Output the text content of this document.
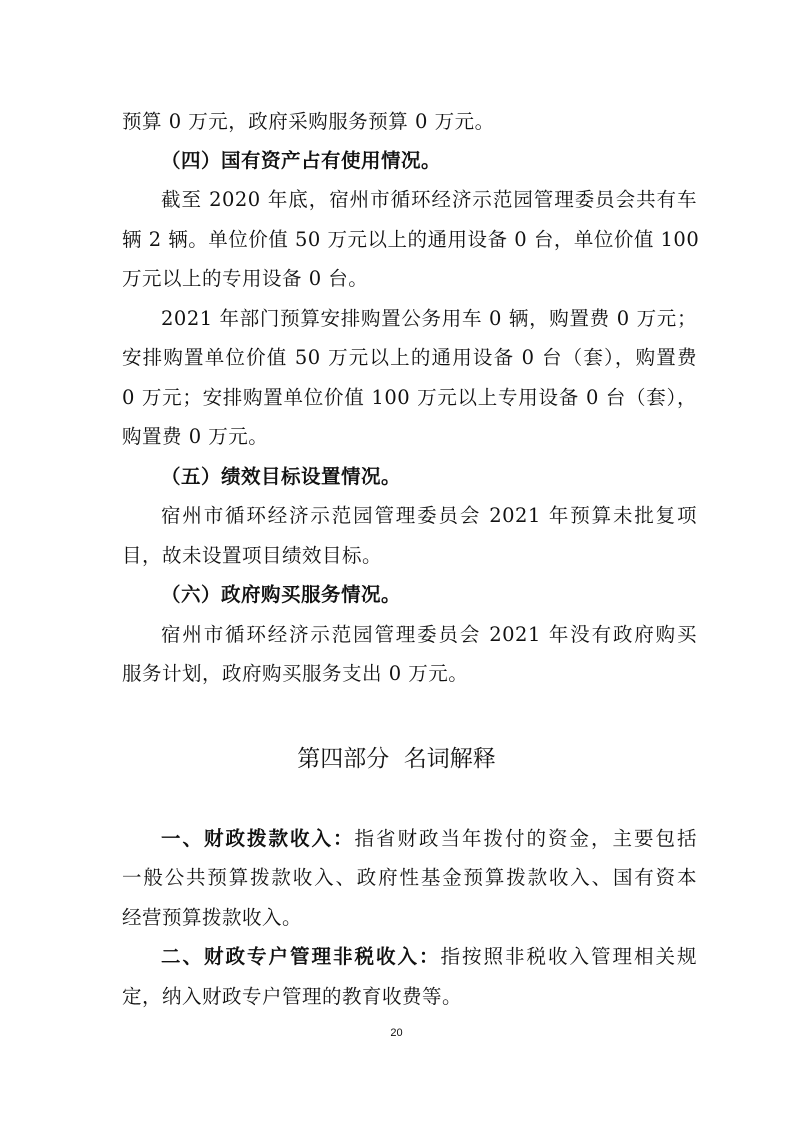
预算 0 万元，政府采购服务预算 0 万元。
（四）国有资产占有使用情况。
截至 2020 年底，宿州市循环经济示范园管理委员会共有车
辆 2 辆。单位价值 50 万元以上的通用设备 0 台，单位价值 100
万元以上的专用设备 0 台。
2021 年部门预算安排购置公务用车 0 辆，购置费 0 万元；
安排购置单位价值 50 万元以上的通用设备 0 台（套），购置费
0 万元；安排购置单位价值 100 万元以上专用设备 0 台（套），
购置费 0 万元。
（五）绩效目标设置情况。
宿州市循环经济示范园管理委员会 2021 年预算未批复项
目，故未设置项目绩效目标。
（六）政府购买服务情况。
宿州市循环经济示范园管理委员会 2021 年没有政府购买
服务计划，政府购买服务支出 0 万元。
第四部分  名词解释
一、财政拨款收入：指省财政当年拨付的资金，主要包括
一般公共预算拨款收入、政府性基金预算拨款收入、国有资本
经营预算拨款收入。
二、财政专户管理非税收入：指按照非税收入管理相关规
定，纳入财政专户管理的教育收费等。
20
